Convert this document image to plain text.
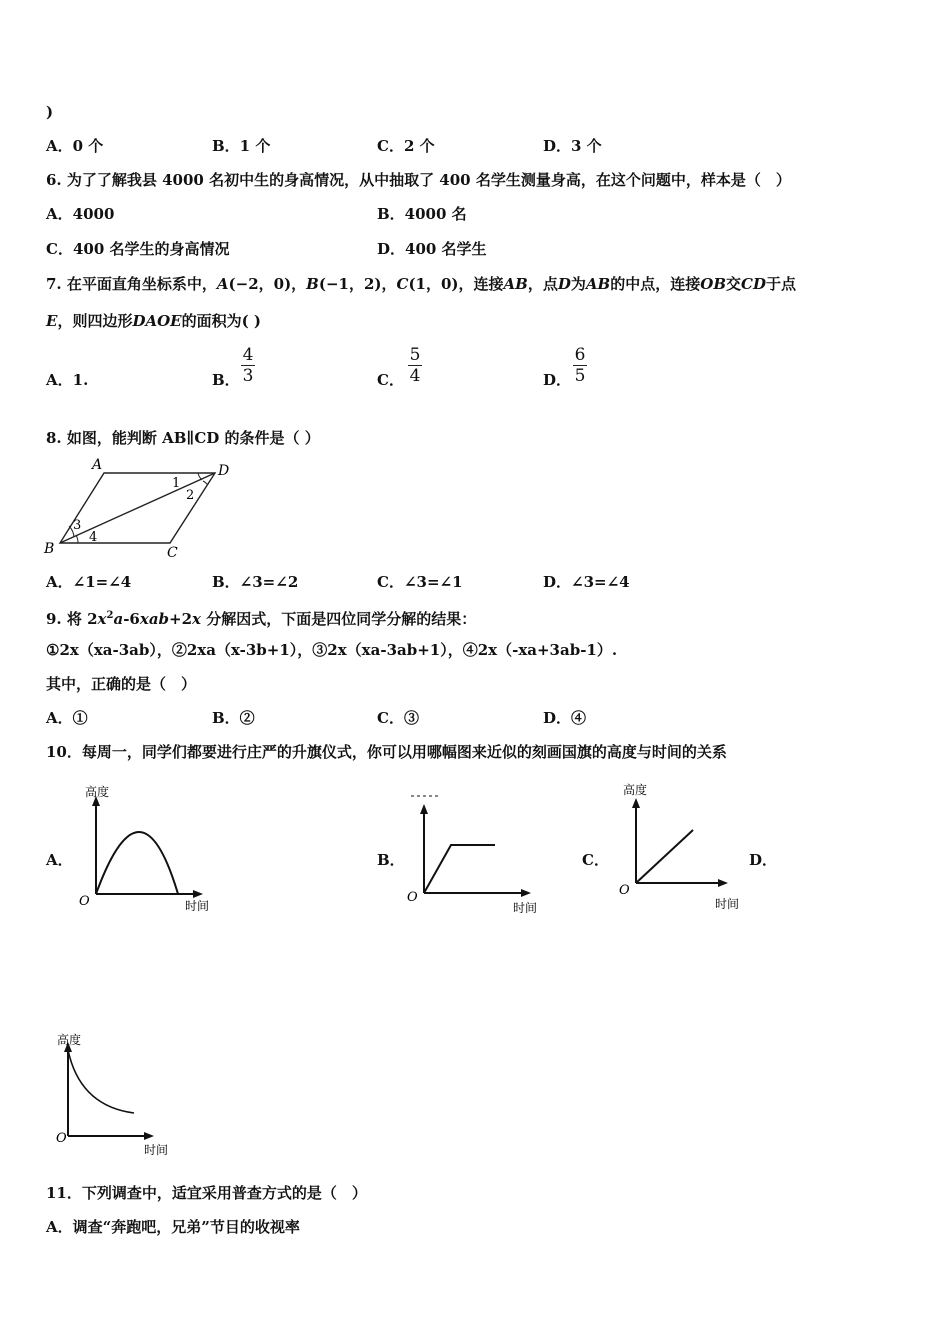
)
A．0 个	B．1 个	C．2 个	D．3 个
6. 为了了解我县 4000 名初中生的身高情况，从中抽取了 400 名学生测量身高，在这个问题中，样本是（　）
A．4000	B．4000 名
C．400 名学生的身高情况	D．400 名学生
7. 在平面直角坐标系中，A(−2，0)，B(−1，2)，C(1，0)，连接AB，点D为AB的中点，连接OB交CD于点
E，则四边形DAOE的面积为( )
A．1.	B． $\frac{4}{3}$	C． $\frac{5}{4}$	D． $\frac{6}{5}$
8. 如图，能判断 AB∥CD 的条件是（ ）
A	D
B	C
1
2
3
4
A．∠1=∠4	B．∠3=∠2	C．∠3=∠1	D．∠3=∠4
9. 将 $2x^2a-6xab+2x$ 分解因式，下面是四位同学分解的结果：
①2x（xa-3ab），②2xa（x-3b+1），③2x（xa-3ab+1），④2x（-xa+3ab-1）.
其中，正确的是（　）
A．①	B．②	C．③	D．④
10．每周一，同学们都要进行庄严的升旗仪式，你可以用哪幅图来近似的刻画国旗的高度与时间的关系
A．
高度
时间
O
B．
时间
O
C．
高度
时间
O
D．
高度
时间
O
11．下列调查中，适宜采用普查方式的是（　）
A．调查“奔跑吧，兄弟”节目的收视率
